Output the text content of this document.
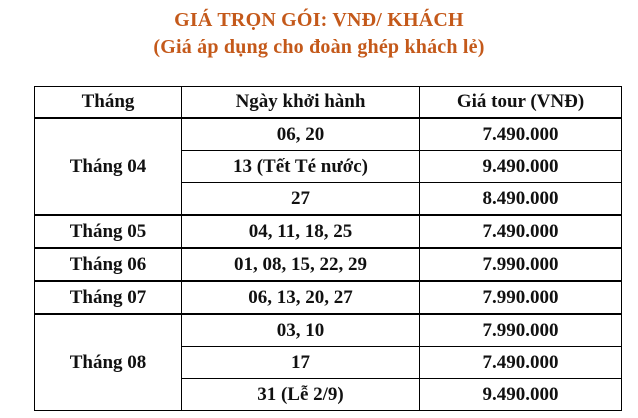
GIÁ TRỌN GÓI: VNĐ/ KHÁCH
(Giá áp dụng cho đoàn ghép khách lẻ)
Tháng	Ngày khởi hành	Giá tour (VNĐ)
Tháng 04	06, 20	7.490.000
	13 (Tết Té nước)	9.490.000
	27	8.490.000
Tháng 05	04, 11, 18, 25	7.490.000
Tháng 06	01, 08, 15, 22, 29	7.990.000
Tháng 07	06, 13, 20, 27	7.990.000
Tháng 08	03, 10	7.990.000
	17	7.490.000
	31 (Lễ 2/9)	9.490.000
